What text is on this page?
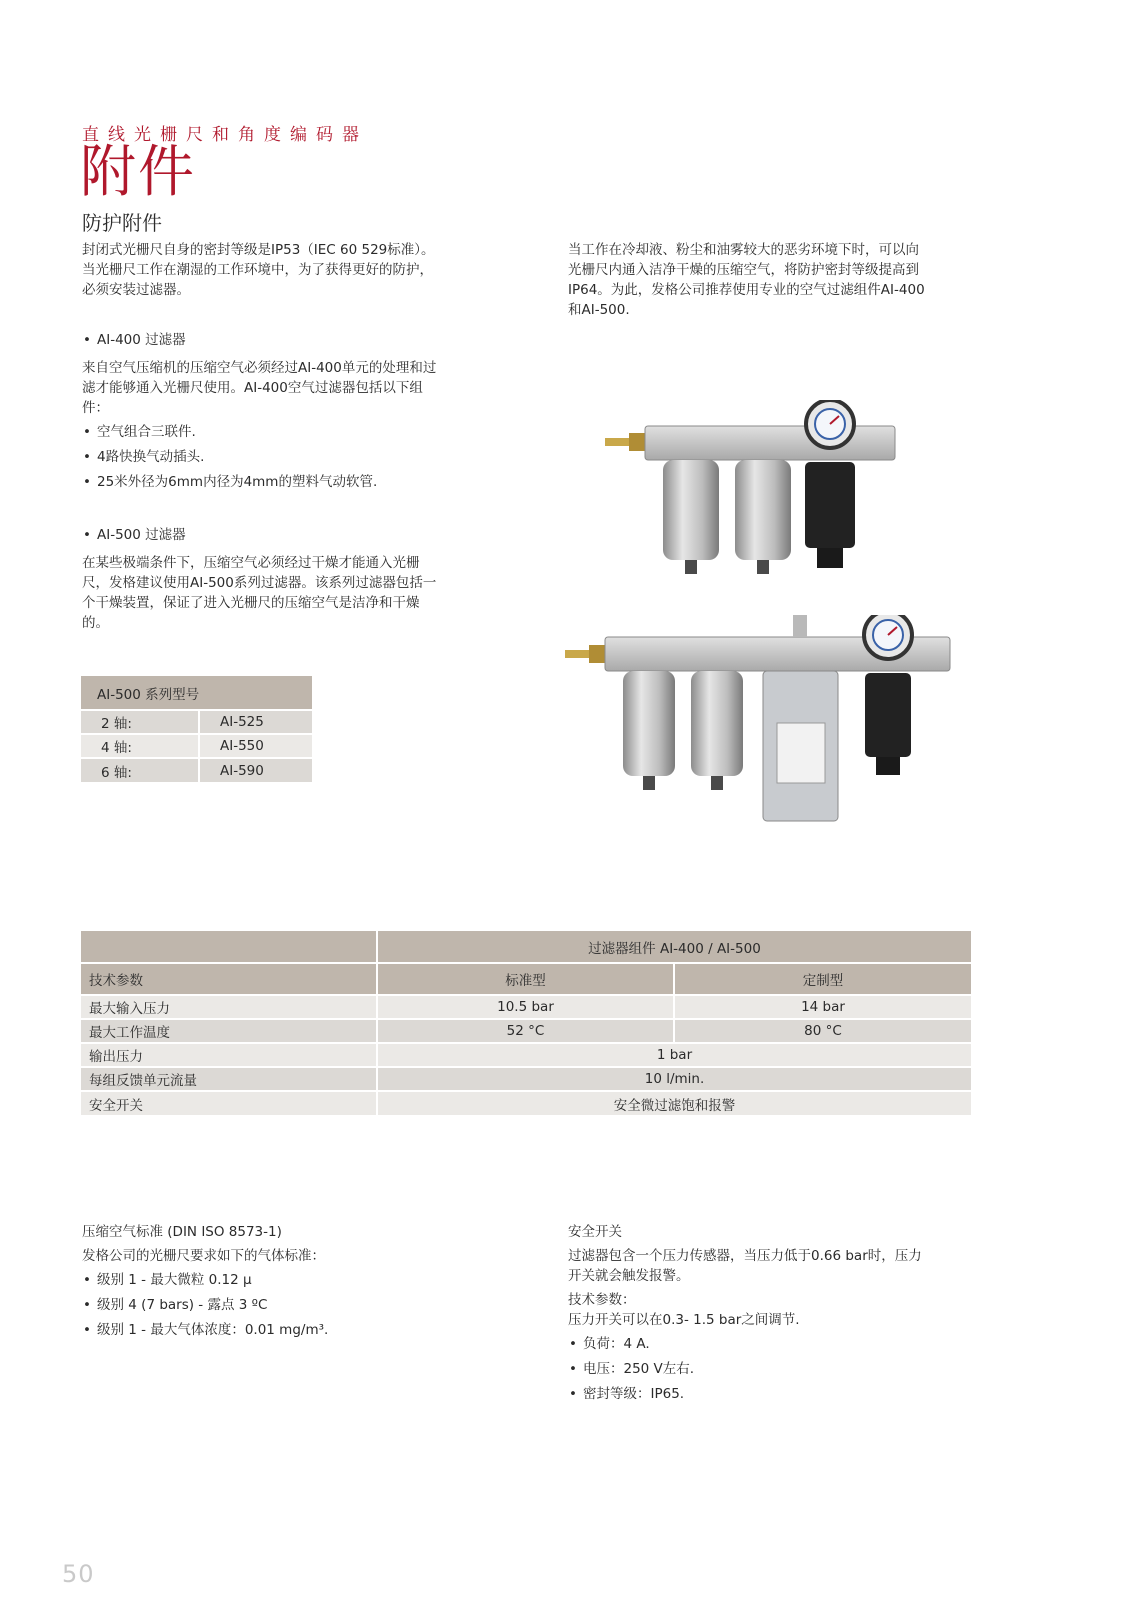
直线光栅尺和角度编码器
附件
防护附件
封闭式光栅尺自身的密封等级是IP53（IEC 60 529标准）。
当光栅尺工作在潮湿的工作环境中，为了获得更好的防护，
必须安装过滤器。
当工作在冷却液、粉尘和油雾较大的恶劣环境下时，可以向
光栅尺内通入洁净干燥的压缩空气，将防护密封等级提高到
IP64。为此，发格公司推荐使用专业的空气过滤组件AI-400
和AI-500.
• AI-400 过滤器
来自空气压缩机的压缩空气必须经过AI-400单元的处理和过
滤才能够通入光栅尺使用。AI-400空气过滤器包括以下组
件：
• 空气组合三联件.
• 4路快换气动插头.
• 25米外径为6mm内径为4mm的塑料气动软管.
• AI-500 过滤器
在某些极端条件下，压缩空气必须经过干燥才能通入光栅
尺，发格建议使用AI-500系列过滤器。该系列过滤器包括一
个干燥装置，保证了进入光栅尺的压缩空气是洁净和干燥
的。
AI-500 系列型号	
2 轴:	AI-525
4 轴:	AI-550
6 轴:	AI-590
	过滤器组件 AI-400 / AI-500	
技术参数	标准型	定制型
最大输入压力	10.5 bar	14 bar
最大工作温度	52 °C	80 °C
输出压力	1 bar	
每组反馈单元流量	10 l/min.	
安全开关	安全微过滤饱和报警	
压缩空气标准 (DIN ISO 8573-1)
发格公司的光栅尺要求如下的气体标准：
• 级别 1 - 最大微粒 0.12 μ
• 级别 4 (7 bars) - 露点 3 ºC
• 级别 1 - 最大气体浓度：0.01 mg/m³.
安全开关
过滤器包含一个压力传感器，当压力低于0.66 bar时，压力
开关就会触发报警。
技术参数：
压力开关可以在0.3- 1.5 bar之间调节.
• 负荷：4 A.
• 电压：250 V左右.
• 密封等级：IP65.
50
